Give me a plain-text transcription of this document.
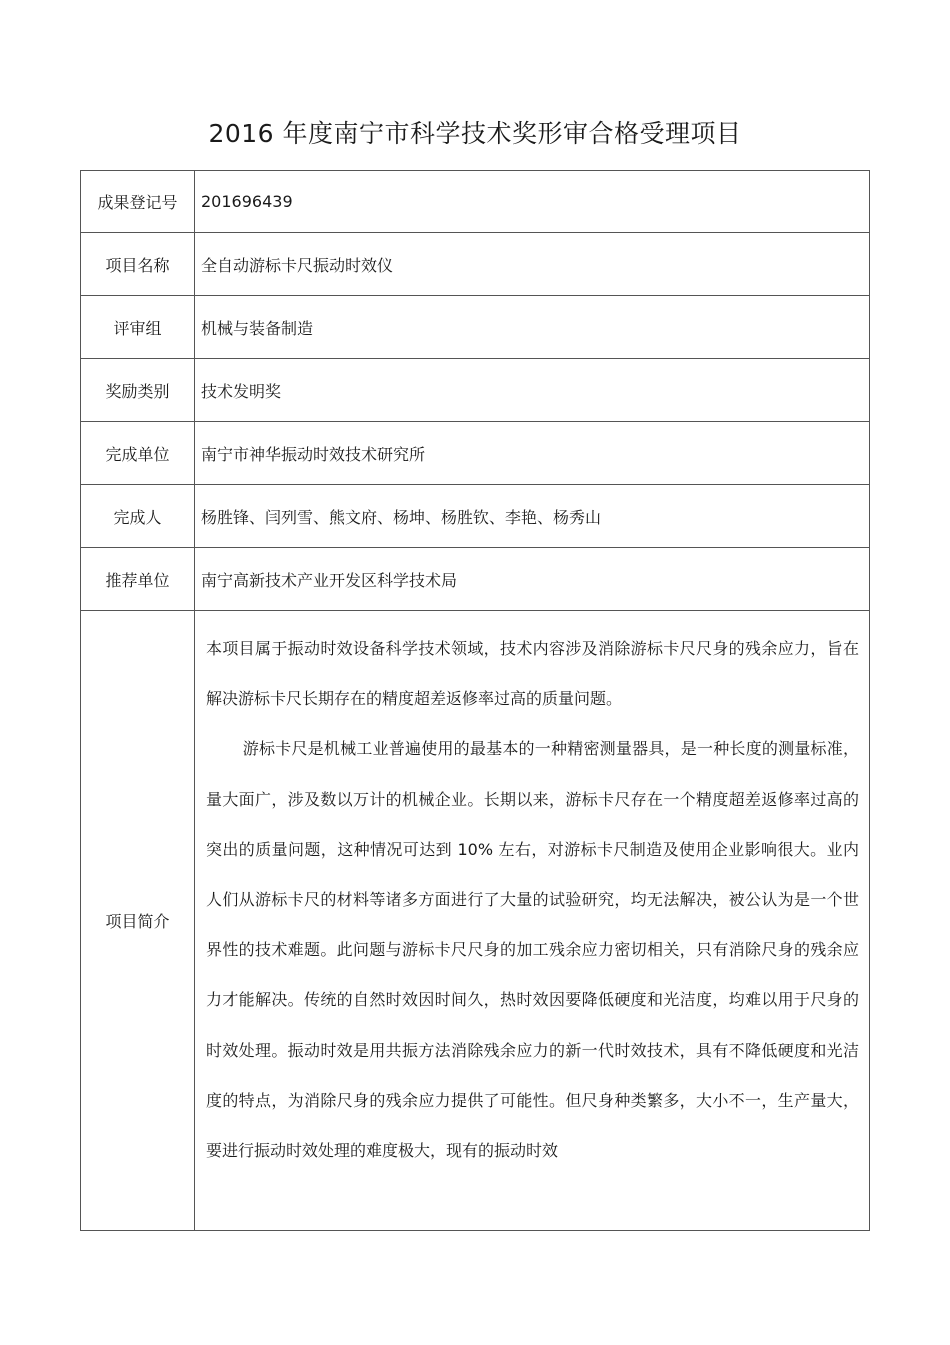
2016 年度南宁市科学技术奖形审合格受理项目
成果登记号	201696439
项目名称	全自动游标卡尺振动时效仪
评审组	机械与装备制造
奖励类别	技术发明奖
完成单位	南宁市神华振动时效技术研究所
完成人	杨胜锋、闫列雪、熊文府、杨坤、杨胜钦、李艳、杨秀山
推荐单位	南宁高新技术产业开发区科学技术局
项目简介	本项目属于振动时效设备科学技术领域，技术内容涉及消除游标卡尺尺身的残余应力，旨在解决游标卡尺长期存在的精度超差返修率过高的质量问题。

游标卡尺是机械工业普遍使用的最基本的一种精密测量器具，是一种长度的测量标准，量大面广，涉及数以万计的机械企业。长期以来，游标卡尺存在一个精度超差返修率过高的突出的质量问题，这种情况可达到 10% 左右，对游标卡尺制造及使用企业影响很大。业内人们从游标卡尺的材料等诸多方面进行了大量的试验研究，均无法解决，被公认为是一个世界性的技术难题。此问题与游标卡尺尺身的加工残余应力密切相关，只有消除尺身的残余应力才能解决。传统的自然时效因时间久，热时效因要降低硬度和光洁度，均难以用于尺身的时效处理。振动时效是用共振方法消除残余应力的新一代时效技术，具有不降低硬度和光洁度的特点，为消除尺身的残余应力提供了可能性。但尺身种类繁多，大小不一，生产量大，要进行振动时效处理的难度极大，现有的振动时效
